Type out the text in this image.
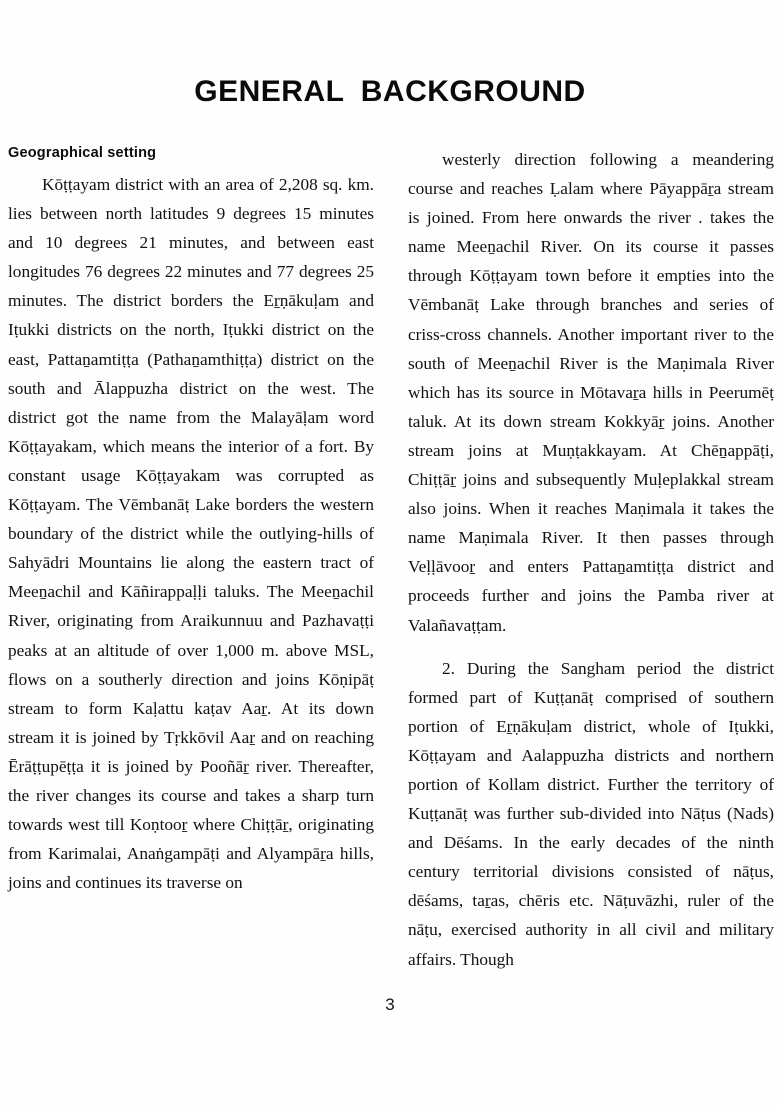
GENERAL BACKGROUND
Geographical setting

Kōṭṭayam district with an area of 2,208 sq. km. lies between north latitudes 9 degrees 15 minutes and 10 degrees 21 minutes, and between east longitudes 76 degrees 22 minutes and 77 degrees 25 minutes. The district borders the Eṟṇākuḷam and Iṭukki districts on the north, Iṭukki district on the east, Pattaṉamtiṭṭa (Pathaṉamthiṭṭa) district on the south and Ālappuzha district on the west. The district got the name from the Malayāḷam word Kōṭṭayakam, which means the interior of a fort. By constant usage Kōṭṭayakam was corrupted as Kōṭṭayam. The Vēmbanāṭ Lake borders the western boundary of the district while the outlying-hills of Sahyādri Mountains lie along the eastern tract of Meeṉachil and Kāñirappaḷḷi taluks. The Meeṉachil River, originating from Araikunnuu and Pazhavaṭṭi peaks at an altitude of over 1,000 m. above MSL, flows on a southerly direction and joins Kōṇipāṭ stream to form Kaḷattu kaṭav Aaṟ. At its down stream it is joined by Tṛkkōvil Aaṟ and on reaching Ērāṭṭupēṭṭa it is joined by Pooñāṟ river. Thereafter, the river changes its course and takes a sharp turn towards west till Koṇtooṟ where Chiṭṭāṟ, originating from Karimalai, Anaṅgampāṭi and Alyampāṟa hills, joins and continues its traverse on

westerly direction following a meandering course and reaches Ḷalam where Pāyappāṟa stream is joined. From here onwards the river . takes the name Meeṉachil River. On its course it passes through Kōṭṭayam town before it empties into the Vēmbanāṭ Lake through branches and series of criss-cross channels. Another important river to the south of Meeṉachil River is the Maṇimala River which has its source in Mōtavaṟa hills in Peerumēṭ taluk. At its down stream Kokkyāṟ joins. Another stream joins at Muṇṭakkayam. At Chēṉappāṭi, Chiṭṭāṟ joins and subsequently Muḷeplakkal stream also joins. When it reaches Maṇimala it takes the name Maṇimala River. It then passes through Veḷḷāvooṟ and enters Pattaṉamtiṭṭa district and proceeds further and joins the Pamba river at Valañavaṭṭam.

2. During the Sangham period the district formed part of Kuṭṭanāṭ comprised of southern portion of Eṟṇākuḷam district, whole of Iṭukki, Kōṭṭayam and Aalappuzha districts and northern portion of Kollam district. Further the territory of Kuṭṭanāṭ was further sub-divided into Nāṭus (Nads) and Dēśams. In the early decades of the ninth century territorial divisions consisted of nāṭus, dēśams, taṟas, chēris etc. Nāṭuvāzhi, ruler of the nāṭu, exercised authority in all civil and military affairs. Though

3
